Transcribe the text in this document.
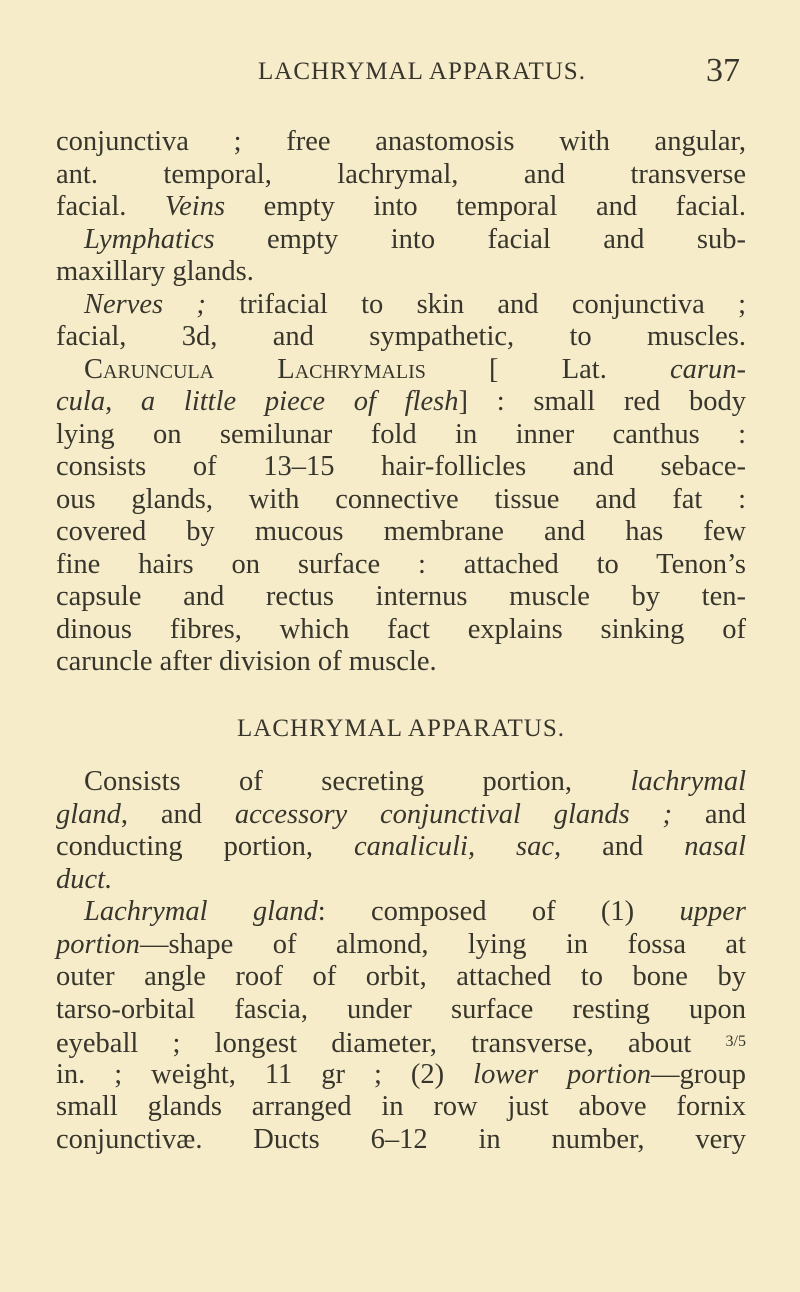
LACHRYMAL APPARATUS.	37
conjunctiva ; free anastomosis with angular,
ant. temporal, lachrymal, and transverse
facial. Veins empty into temporal and facial.
Lymphatics empty into facial and sub-
maxillary glands.
Nerves ; trifacial to skin and conjunctiva ;
facial, 3d, and sympathetic, to muscles.
Caruncula Lachrymalis [ Lat. carun-
cula, a little piece of flesh] : small red body
lying on semilunar fold in inner canthus :
consists of 13–15 hair-follicles and sebace-
ous glands, with connective tissue and fat :
covered by mucous membrane and has few
fine hairs on surface : attached to Tenon’s
capsule and rectus internus muscle by ten-
dinous fibres, which fact explains sinking of
caruncle after division of muscle.
LACHRYMAL APPARATUS.
Consists of secreting portion, lachrymal
gland, and accessory conjunctival glands ; and
conducting portion, canaliculi, sac, and nasal
duct.
Lachrymal gland: composed of (1) upper
portion—shape of almond, lying in fossa at
outer angle roof of orbit, attached to bone by
tarso-orbital fascia, under surface resting upon
eyeball ; longest diameter, transverse, about $^{3/5}$
in. ; weight, 11 gr ; (2) lower portion—group
small glands arranged in row just above fornix
conjunctivæ. Ducts 6–12 in number, very
